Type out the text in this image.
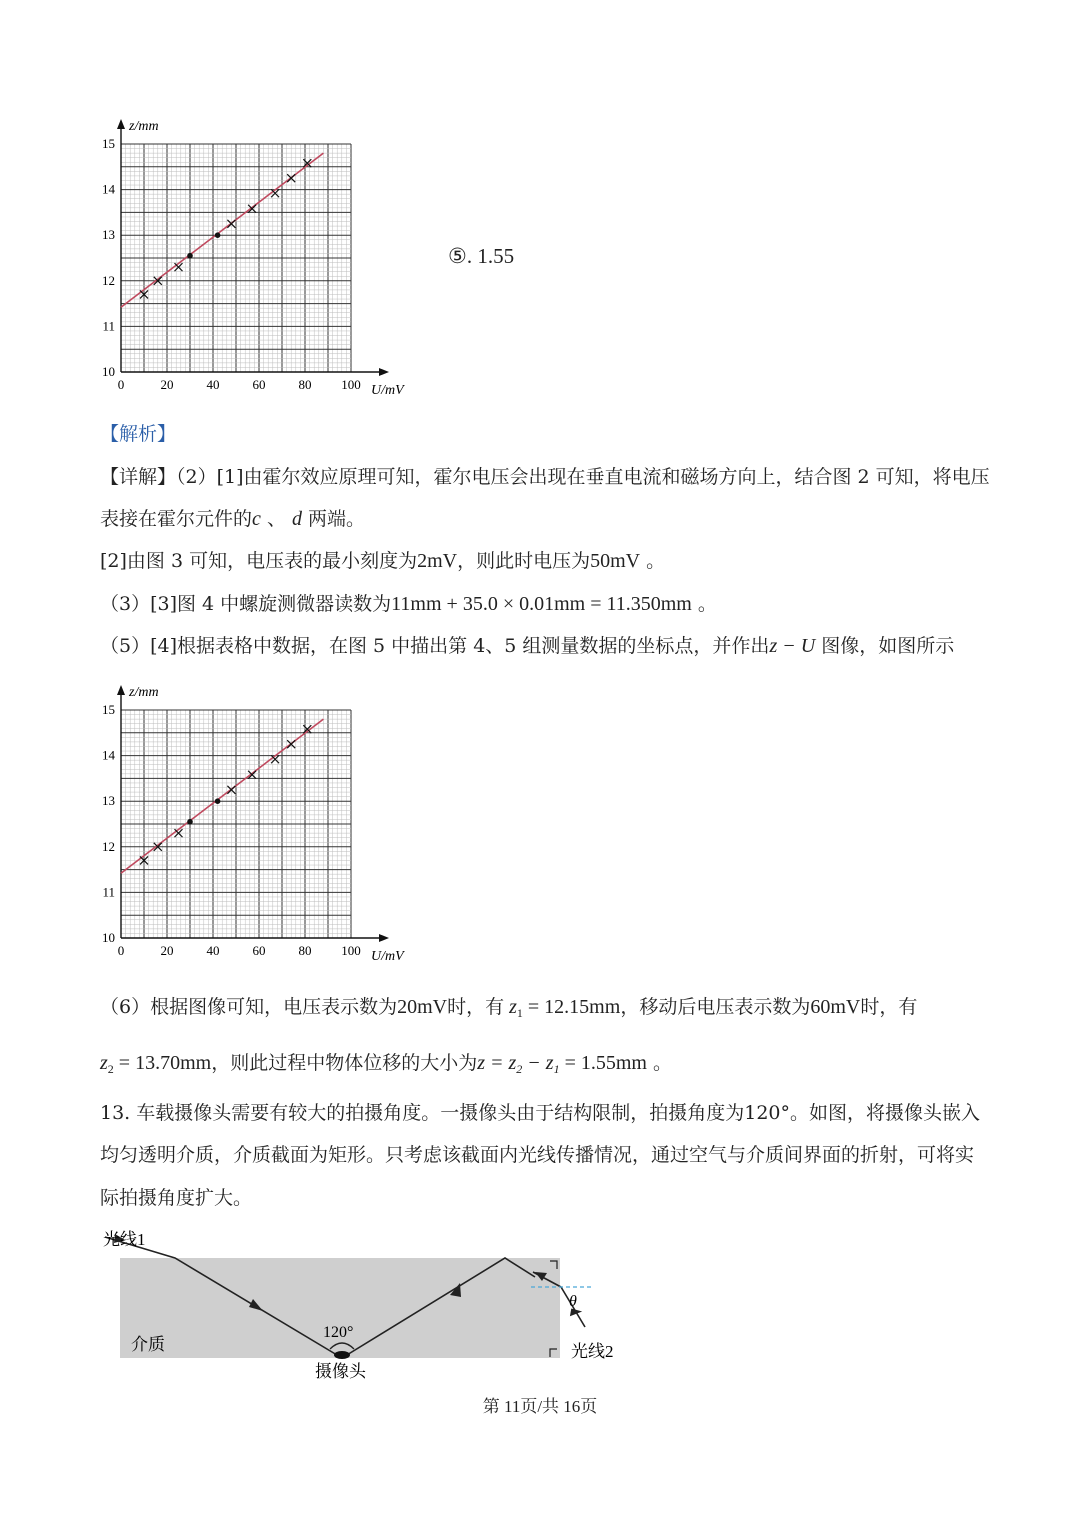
0	20	40	60	80 100
10
11
12
13
14
15
U/mV
z/mm
⑤. 1.55
【解析】
【详解】（2）[1]由霍尔效应原理可知，霍尔电压会出现在垂直电流和磁场方向上，结合图 2 可知，将电压
表接在霍尔元件的c 、 d 两端。
[2]由图 3 可知，电压表的最小刻度为2mV，则此时电压为50mV 。
（3）[3]图 4 中螺旋测微器读数为11mm + 35.0 × 0.01mm = 11.350mm 。
（5）[4]根据表格中数据，在图 5 中描出第 4、5 组测量数据的坐标点，并作出z − U 图像，如图所示
0	20	40	60	80 100
10
11
12
13
14
15
U/mV
z/mm
（6）根据图像可知，电压表示数为20mV时，有 $z_1 = 12.15mm$，移动后电压表示数为60mV时，有
$z_2 = 13.70mm$，则此过程中物体位移的大小为$z = z_2 - z_1 = 1.55mm$ 。
13. 车载摄像头需要有较大的拍摄角度。一摄像头由于结构限制，拍摄角度为120°。如图，将摄像头嵌入
均匀透明介质，介质截面为矩形。只考虑该截面内光线传播情况，通过空气与介质间界面的折射，可将实
际拍摄角度扩大。
光线1
介质
120°
摄像头
光线2
θ
第 11页/共 16页
